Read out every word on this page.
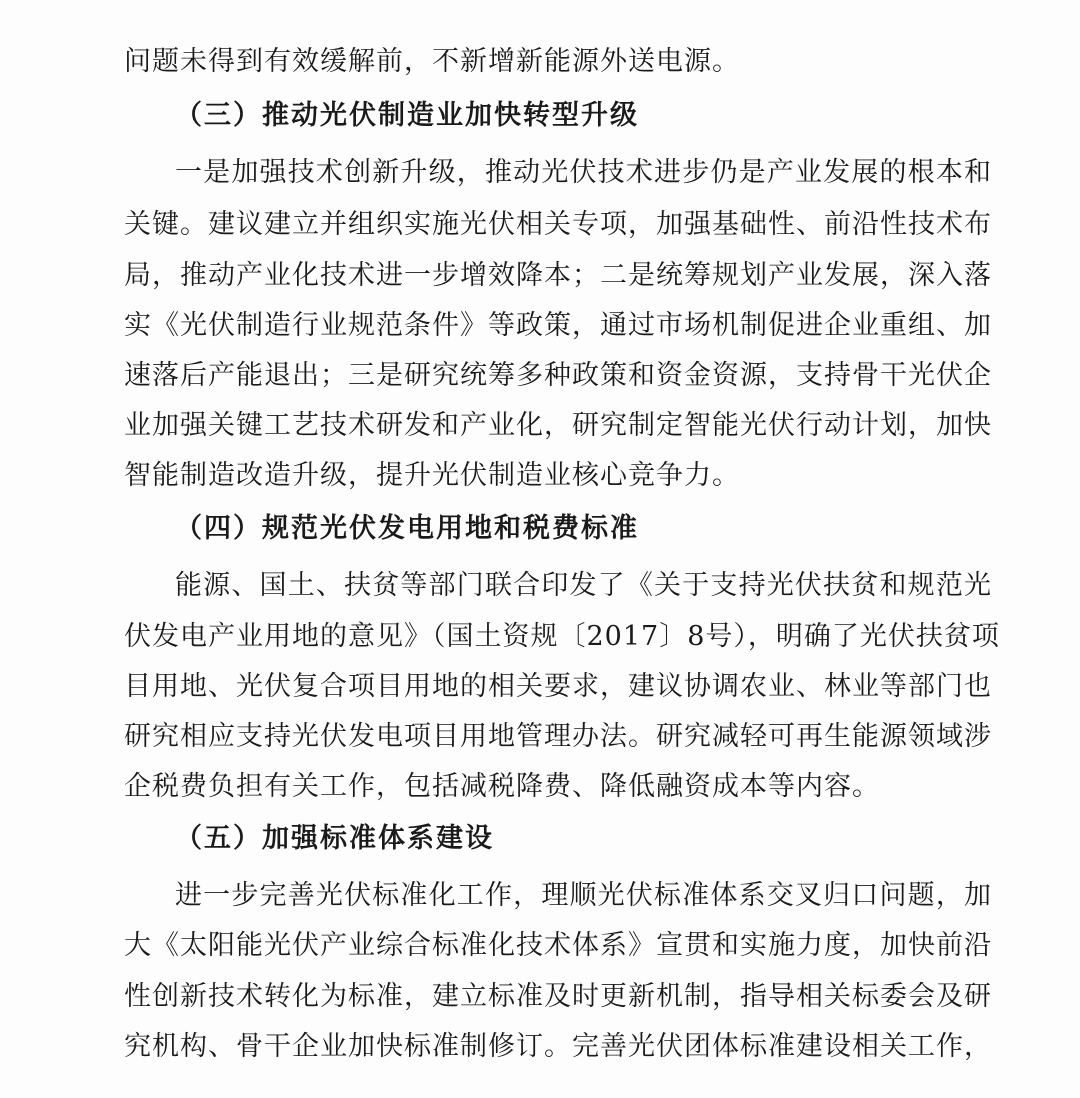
问题未得到有效缓解前，不新增新能源外送电源。
（三）推动光伏制造业加快转型升级
一是加强技术创新升级，推动光伏技术进步仍是产业发展的根本和
关键。建议建立并组织实施光伏相关专项，加强基础性、前沿性技术布
局，推动产业化技术进一步增效降本；二是统筹规划产业发展，深入落
实《光伏制造行业规范条件》等政策，通过市场机制促进企业重组、加
速落后产能退出；三是研究统筹多种政策和资金资源，支持骨干光伏企
业加强关键工艺技术研发和产业化，研究制定智能光伏行动计划，加快
智能制造改造升级，提升光伏制造业核心竞争力。
（四）规范光伏发电用地和税费标准
能源、国土、扶贫等部门联合印发了《关于支持光伏扶贫和规范光
伏发电产业用地的意见》（国土资规〔2017〕8号），明确了光伏扶贫项
目用地、光伏复合项目用地的相关要求，建议协调农业、林业等部门也
研究相应支持光伏发电项目用地管理办法。研究减轻可再生能源领域涉
企税费负担有关工作，包括减税降费、降低融资成本等内容。
（五）加强标准体系建设
进一步完善光伏标准化工作，理顺光伏标准体系交叉归口问题，加
大《太阳能光伏产业综合标准化技术体系》宣贯和实施力度，加快前沿
性创新技术转化为标准，建立标准及时更新机制，指导相关标委会及研
究机构、骨干企业加快标准制修订。完善光伏团体标准建设相关工作，
